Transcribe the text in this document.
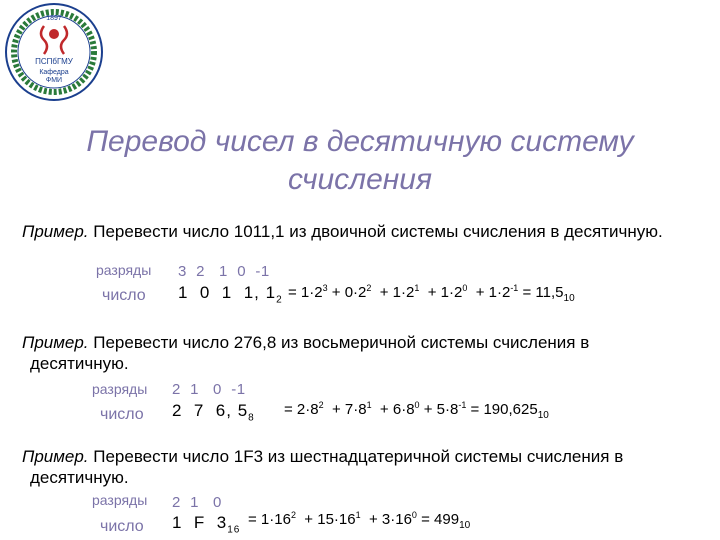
1897
ПСПбГМУ
Кафедра
ФМИ
Перевод чисел в десятичную систему
счисления
Пример. Перевести число 1011,1 из двоичной системы счисления в десятичную.
разряды 3  2   1  0  -1
число 1  0  1  1, $1_2 = 1\cdot 2^3 + 0\cdot 2^2 + 1\cdot 2^1 + 1\cdot 2^0 + 1\cdot 2^{-1} = 11,5_{10}$
Пример. Перевести число 276,8 из восьмеричной системы счисления в
десятичную.
разряды 2  1   0  -1
число 2  7  6, $5_8 = 2\cdot 8^2 + 7\cdot 8^1 + 6\cdot 8^0 + 5\cdot 8^{-1} = 190,625_{10}$
Пример. Перевести число 1F3 из шестнадцатеричной системы счисления в
десятичную.
разряды 2  1   0
число 1  F  $3_{16}$
= $1\cdot 16^2 + 15\cdot 16^1 + 3\cdot 16^0 = 499_{10}$
